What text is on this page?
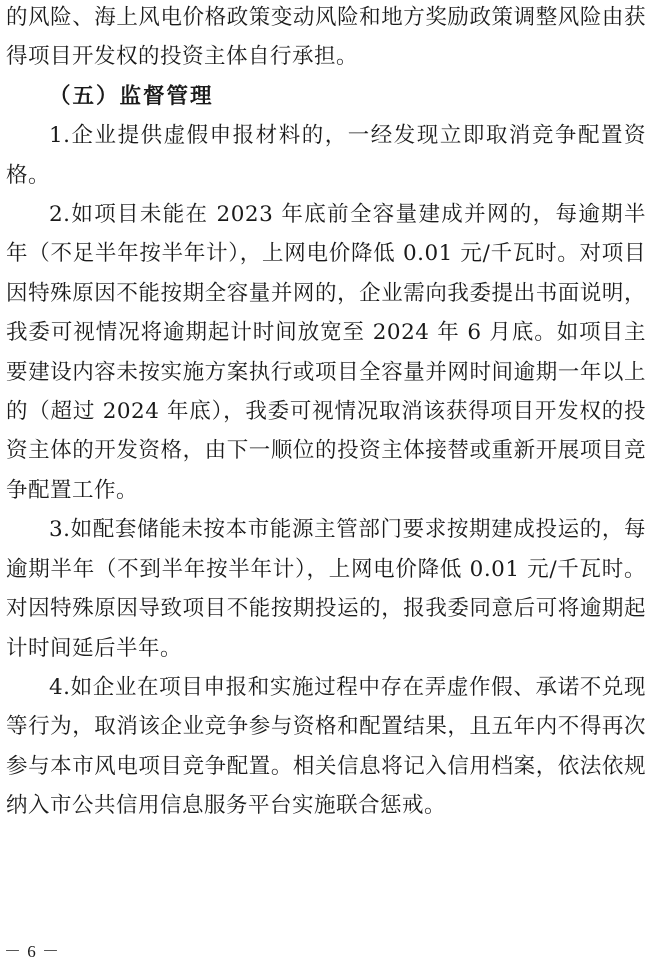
的风险、海上风电价格政策变动风险和地方奖励政策调整风险由获得项目开发权的投资主体自行承担。

（五）监督管理

1.企业提供虚假申报材料的，一经发现立即取消竞争配置资格。

2.如项目未能在 2023 年底前全容量建成并网的，每逾期半年（不足半年按半年计），上网电价降低 0.01 元/千瓦时。对项目因特殊原因不能按期全容量并网的，企业需向我委提出书面说明，我委可视情况将逾期起计时间放宽至 2024 年 6 月底。如项目主要建设内容未按实施方案执行或项目全容量并网时间逾期一年以上的（超过 2024 年底），我委可视情况取消该获得项目开发权的投资主体的开发资格，由下一顺位的投资主体接替或重新开展项目竞争配置工作。

3.如配套储能未按本市能源主管部门要求按期建成投运的，每逾期半年（不到半年按半年计），上网电价降低 0.01 元/千瓦时。对因特殊原因导致项目不能按期投运的，报我委同意后可将逾期起计时间延后半年。

4.如企业在项目申报和实施过程中存在弄虚作假、承诺不兑现等行为，取消该企业竞争参与资格和配置结果，且五年内不得再次参与本市风电项目竞争配置。相关信息将记入信用档案，依法依规纳入市公共信用信息服务平台实施联合惩戒。

－ 6 －
